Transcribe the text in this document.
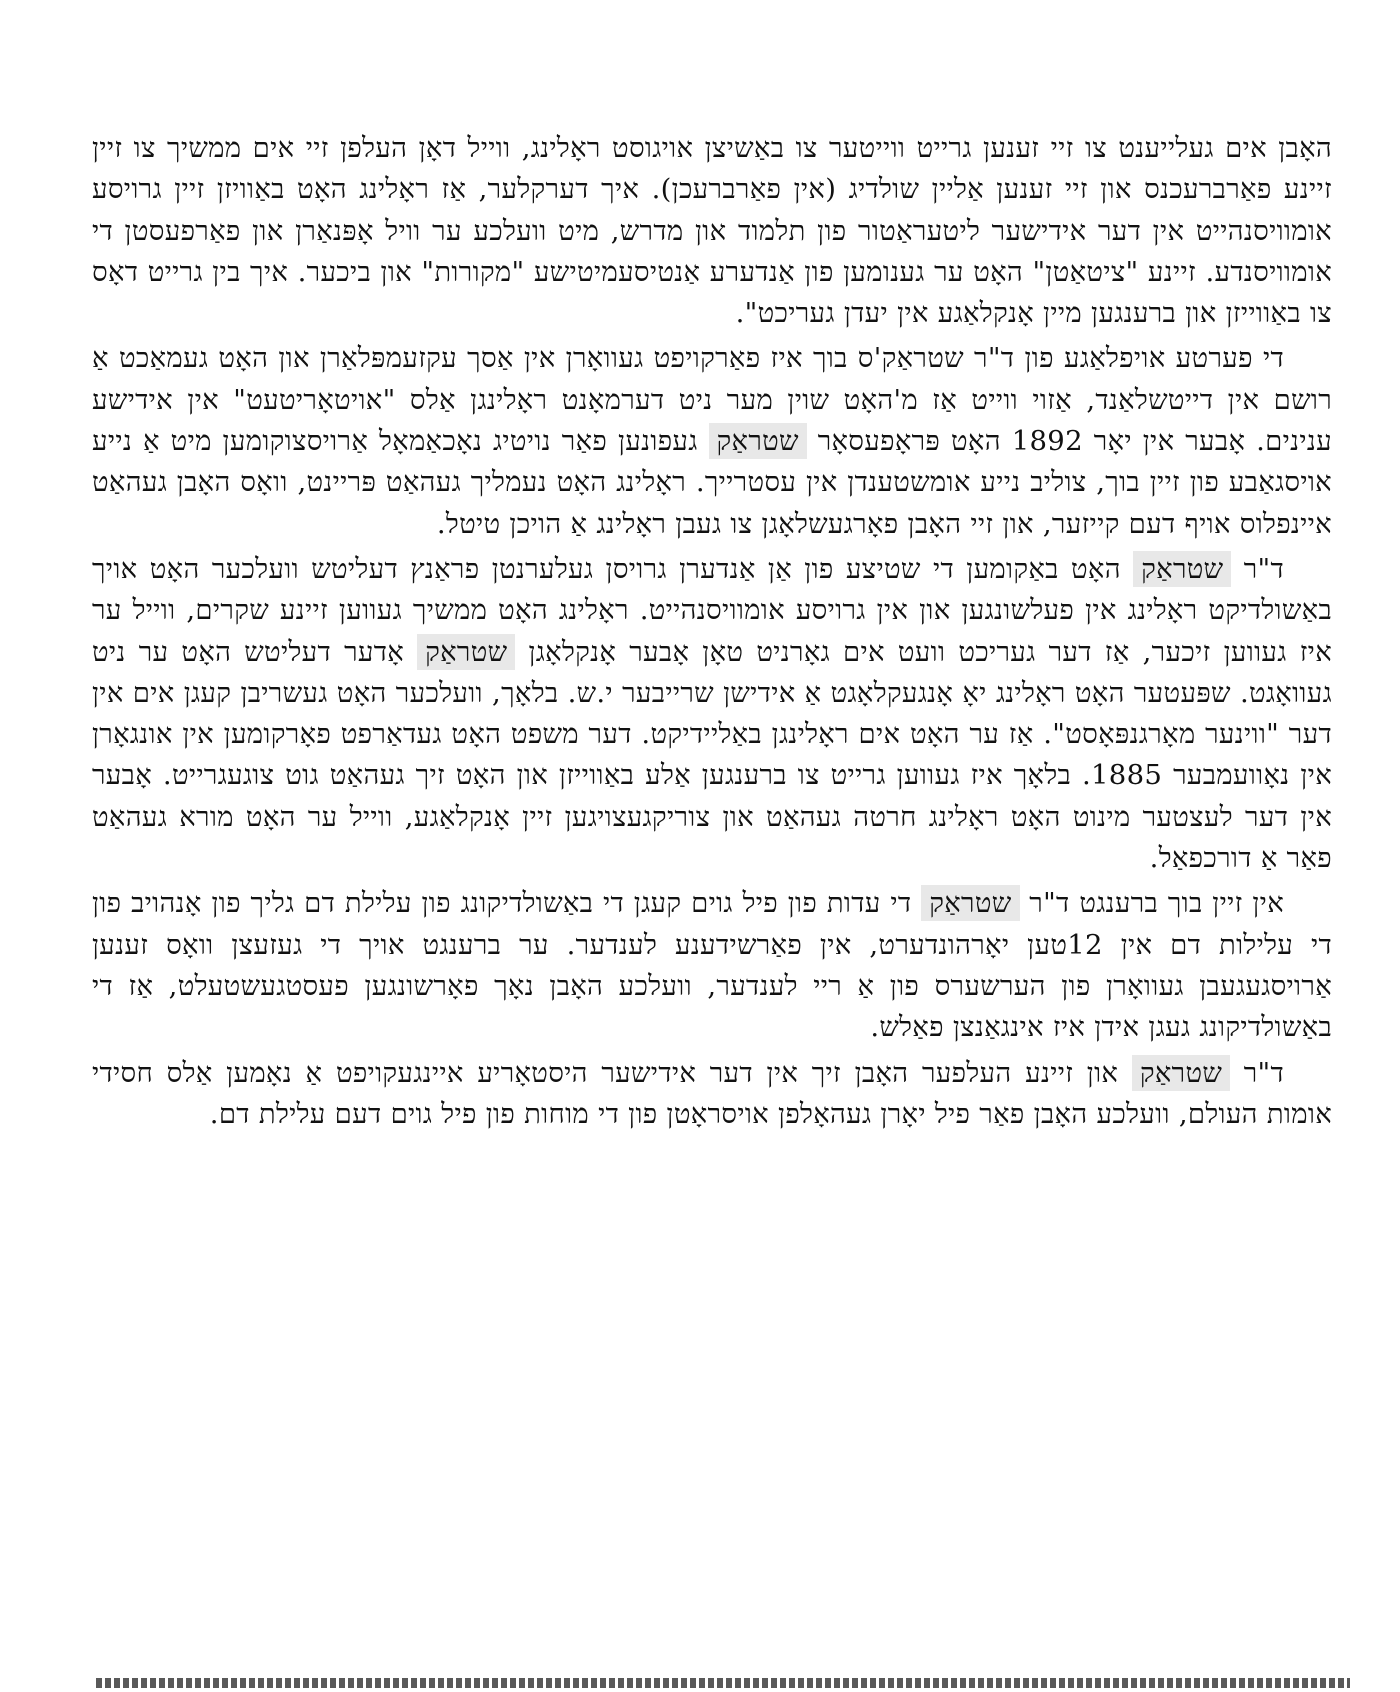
האָבן אים געלייענט צו זיי זענען גרייט ווייטער צו באַשיצן אויגוסט ראָלינג, ווייל דאָן העלפן זיי אים ממשיך צו זיין זיינע פאַרברעכנס און זיי זענען אַליין שולדיג (אין פאַרברעכן). איך דערקלער, אַז ראָלינג האָט באַוויזן זיין גרויסע אומוויסנהייט אין דער אידישער ליטעראַטור פון תלמוד און מדרש, מיט וועלכע ער וויל אָפּנאַרן און פאַרפעסטן די אומוויסנדע. זיינע "ציטאַטן" האָט ער גענומען פון אַנדערע אַנטיסעמיטישע "מקורות" און ביכער. איך בין גרייט דאָס צו באַווייזן און ברענגען מיין אָנקלאַגע אין יעדן געריכט".

די פערטע אויפלאַגע פון ד"ר שטראַק'ס בוך איז פאַרקויפט געוואָרן אין אַסך עקזעמפּלאַרן און האָט געמאַכט אַ רושם אין דייטשלאַנד, אַזוי ווייט אַז מ'האָט שוין מער ניט דערמאָנט ראָלינגן אַלס "אויטאָריטעט" אין אידישע ענינים. אָבער אין יאָר 1892 האָט פּראָפעסאָר שטראַק געפונען פאַר נויטיג נאָכאַמאָל אַרויסצוקומען מיט אַ נייע אויסגאַבע פון זיין בוך, צוליב נייע אומשטענדן אין עסטרייך. ראָלינג האָט נעמליך געהאַט פּריינט, וואָס האָבן געהאַט איינפלוס אויף דעם קייזער, און זיי האָבן פאָרגעשלאָגן צו געבן ראָלינג אַ הויכן טיטל.

ד"ר שטראַק האָט באַקומען די שטיצע פון אַן אַנדערן גרויסן געלערנטן פראַנץ דעליטש וועלכער האָט אויך באַשולדיקט ראָלינג אין פעלשונגען און אין גרויסע אומוויסנהייט. ראָלינג האָט ממשיך געווען זיינע שקרים, ווייל ער איז געווען זיכער, אַז דער געריכט וועט אים גאָרניט טאָן אָבער אָנקלאָגן שטראַק אָדער דעליטש האָט ער ניט געוואָגט. שפּעטער האָט ראָלינג יאָ אָנגעקלאָגט אַ אידישן שרייבער י.ש. בלאָך, וועלכער האָט געשריבן קעגן אים אין דער "ווינער מאָרגנפּאָסט". אַז ער האָט אים ראָלינגן באַליידיקט. דער משפט האָט געדאַרפט פאָרקומען אין אונגאָרן אין נאָוועמבער 1885. בלאָך איז געווען גרייט צו ברענגען אַלע באַווייזן און האָט זיך געהאַט גוט צוגעגרייט. אָבער אין דער לעצטער מינוט האָט ראָלינג חרטה געהאַט און צוריקגעצויגען זיין אָנקלאַגע, ווייל ער האָט מורא געהאַט פאַר אַ דורכפאַל.

אין זיין בוך ברענגט ד"ר שטראַק די עדות פון פיל גוים קעגן די באַשולדיקונג פון עלילת דם גליך פון אָנהויב פון די עלילות דם אין 12טען יאָרהונדערט, אין פאַרשידענע לענדער. ער ברענגט אויך די געזעצן וואָס זענען אַרויסגעגעבן געוואָרן פון הערשערס פון אַ ריי לענדער, וועלכע האָבן נאָך פאָרשונגען פעסטגעשטעלט, אַז די באַשולדיקונג געגן אידן איז אינגאַנצן פאַלש.

ד"ר שטראַק און זיינע העלפער האָבן זיך אין דער אידישער היסטאָריע איינגעקויפט אַ נאָמען אַלס חסידי אומות העולם, וועלכע האָבן פאַר פיל יאָרן געהאָלפן אויסראָטן פון די מוחות פון פיל גוים דעם עלילת דם.
